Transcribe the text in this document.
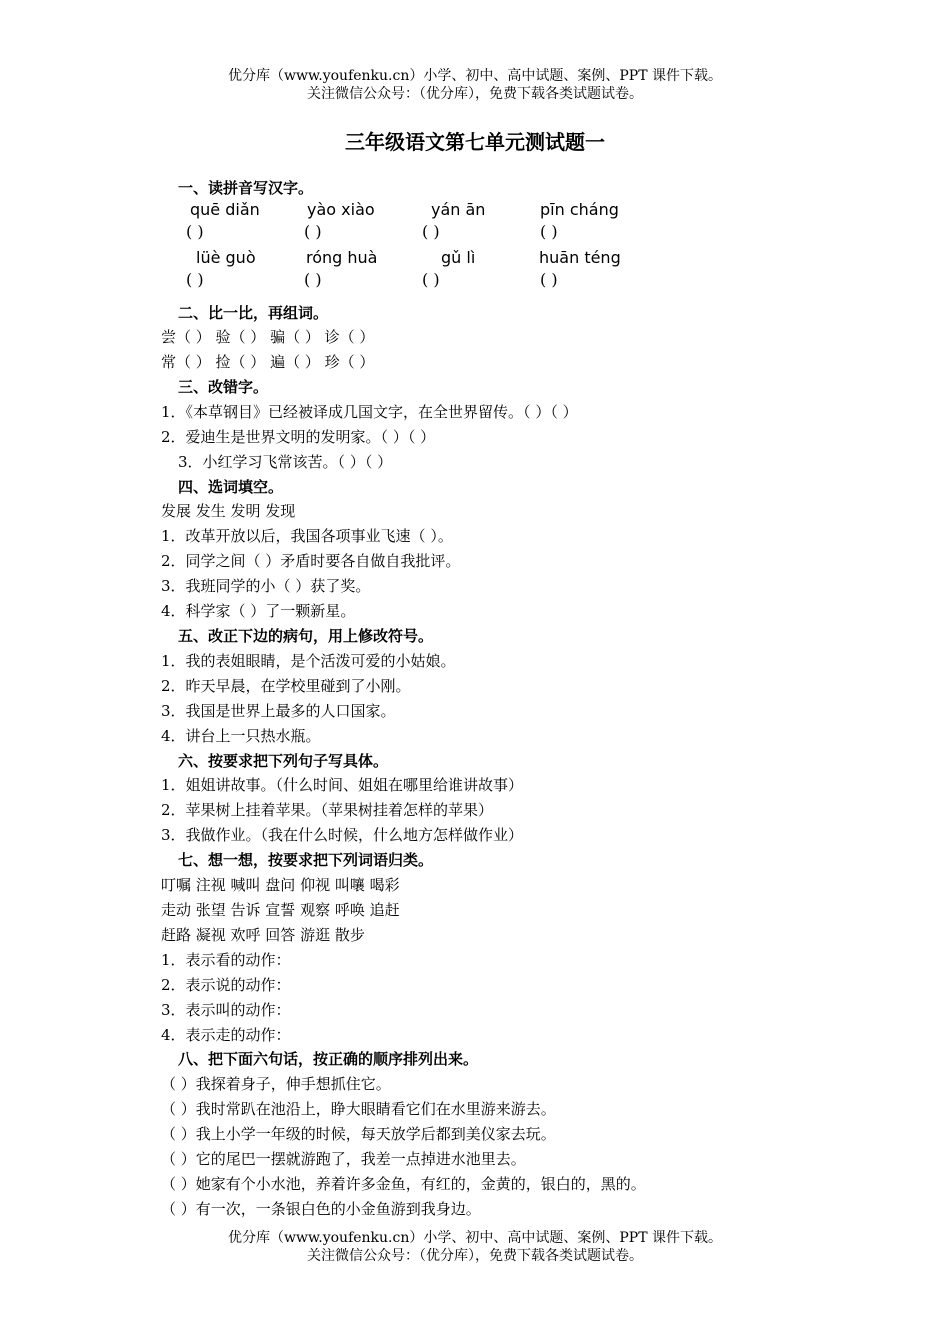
优分库（www.youfenku.cn）小学、初中、高中试题、案例、PPT 课件下载。
关注微信公众号：（优分库），免费下载各类试题试卷。
三年级语文第七单元测试题一
一、读拼音写汉字。
quē diǎn	yào xiào	yán ān	pīn cháng
( )	( )	( )	( )
lüè guò	róng huà	gǔ lì	huān téng
( )	( )	( )	( )
二、比一比，再组词。
尝（ ） 验（ ） 骗（ ） 诊（ ）
常（ ） 捡（ ） 遍（ ） 珍（ ）
三、改错字。
1．《本草钢目》已经被译成几国文字，在全世界留传。（ ）（ ）
2．爱迪生是世界文明的发明家。（ ）（ ）
3．小红学习飞常该苦。（ ）（ ）
四、选词填空。
发展 发生 发明 发现
1．改革开放以后，我国各项事业飞速（ ）。
2．同学之间（ ）矛盾时要各自做自我批评。
3．我班同学的小（ ）获了奖。
4．科学家（ ）了一颗新星。
五、改正下边的病句，用上修改符号。
1．我的表姐眼睛，是个活泼可爱的小姑娘。
2．昨天早晨，在学校里碰到了小刚。
3．我国是世界上最多的人口国家。
4．讲台上一只热水瓶。
六、按要求把下列句子写具体。
1．姐姐讲故事。（什么时间、姐姐在哪里给谁讲故事）
2．苹果树上挂着苹果。（苹果树挂着怎样的苹果）
3．我做作业。（我在什么时候，什么地方怎样做作业）
七、想一想，按要求把下列词语归类。
叮嘱 注视 喊叫 盘问 仰视 叫嚷 喝彩
走动 张望 告诉 宣誓 观察 呼唤 追赶
赶路 凝视 欢呼 回答 游逛 散步
1．表示看的动作：
2．表示说的动作：
3．表示叫的动作：
4．表示走的动作：
八、把下面六句话，按正确的顺序排列出来。
（ ）我探着身子，伸手想抓住它。
（ ）我时常趴在池沿上，睁大眼睛看它们在水里游来游去。
（ ）我上小学一年级的时候，每天放学后都到美仪家去玩。
（ ）它的尾巴一摆就游跑了，我差一点掉进水池里去。
（ ）她家有个小水池，养着许多金鱼，有红的，金黄的，银白的，黑的。
（ ）有一次，一条银白色的小金鱼游到我身边。
优分库（www.youfenku.cn）小学、初中、高中试题、案例、PPT 课件下载。
关注微信公众号：（优分库），免费下载各类试题试卷。
